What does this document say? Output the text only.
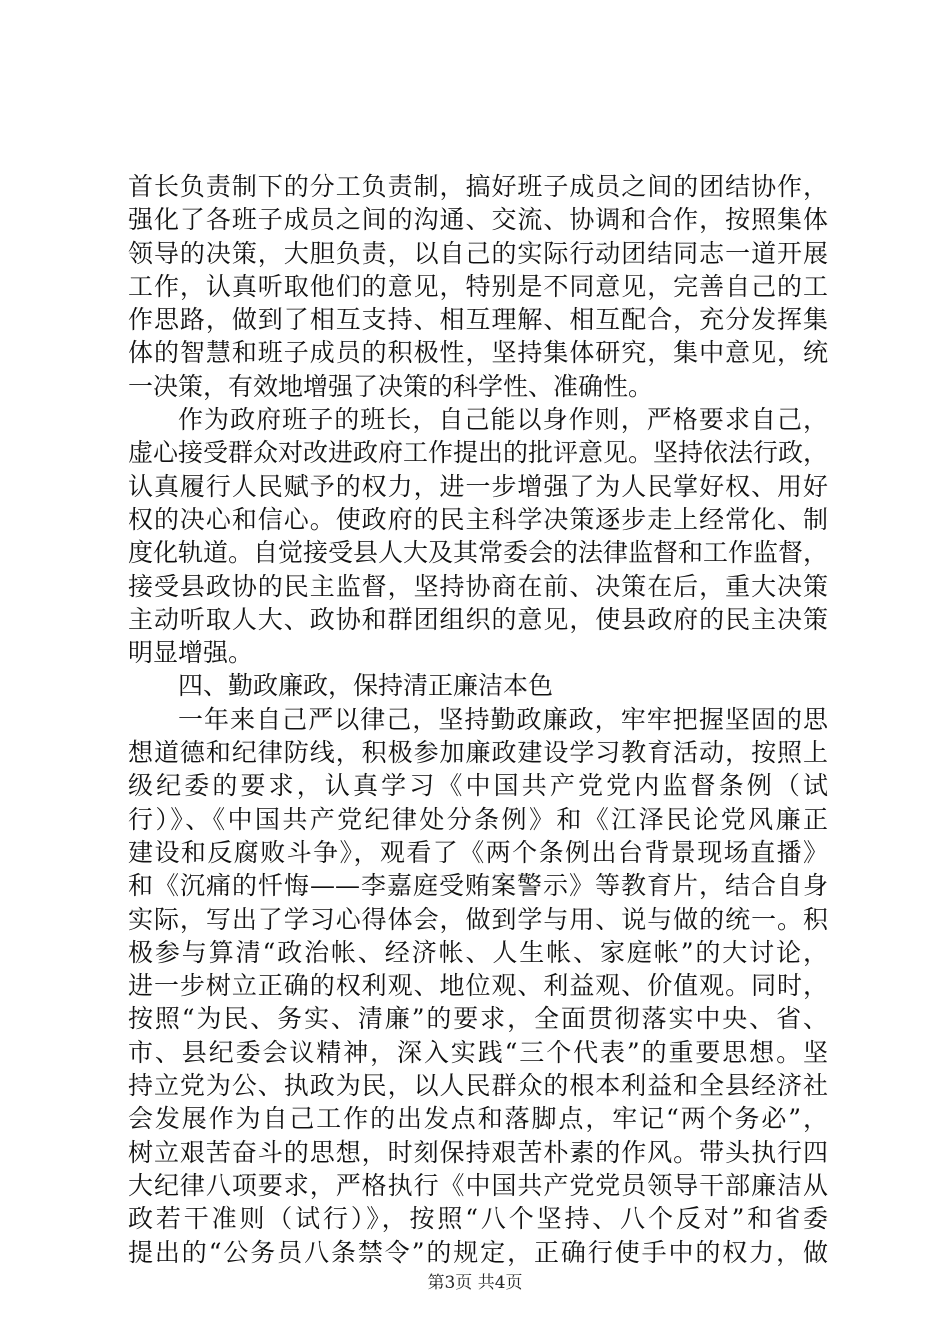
首长负责制下的分工负责制，搞好班子成员之间的团结协作，
强化了各班子成员之间的沟通、交流、协调和合作，按照集体
领导的决策，大胆负责，以自己的实际行动团结同志一道开展
工作，认真听取他们的意见，特别是不同意见，完善自己的工
作思路，做到了相互支持、相互理解、相互配合，充分发挥集
体的智慧和班子成员的积极性，坚持集体研究，集中意见，统
一决策，有效地增强了决策的科学性、准确性。
作为政府班子的班长，自己能以身作则，严格要求自己，
虚心接受群众对改进政府工作提出的批评意见。坚持依法行政，
认真履行人民赋予的权力，进一步增强了为人民掌好权、用好
权的决心和信心。使政府的民主科学决策逐步走上经常化、制
度化轨道。自觉接受县人大及其常委会的法律监督和工作监督，
接受县政协的民主监督，坚持协商在前、决策在后，重大决策
主动听取人大、政协和群团组织的意见，使县政府的民主决策
明显增强。
四、勤政廉政，保持清正廉洁本色
一年来自己严以律己，坚持勤政廉政，牢牢把握坚固的思
想道德和纪律防线，积极参加廉政建设学习教育活动，按照上
级纪委的要求，认真学习《中国共产党党内监督条例（试
行）》、《中国共产党纪律处分条例》和《江泽民论党风廉正
建设和反腐败斗争》，观看了《两个条例出台背景现场直播》
和《沉痛的忏悔——李嘉庭受贿案警示》等教育片，结合自身
实际，写出了学习心得体会，做到学与用、说与做的统一。积
极参与算清“政治帐、经济帐、人生帐、家庭帐”的大讨论，
进一步树立正确的权利观、地位观、利益观、价值观。同时，
按照“为民、务实、清廉”的要求，全面贯彻落实中央、省、
市、县纪委会议精神，深入实践“三个代表”的重要思想。坚
持立党为公、执政为民，以人民群众的根本利益和全县经济社
会发展作为自己工作的出发点和落脚点，牢记“两个务必”，
树立艰苦奋斗的思想，时刻保持艰苦朴素的作风。带头执行四
大纪律八项要求，严格执行《中国共产党党员领导干部廉洁从
政若干准则（试行）》，按照“八个坚持、八个反对”和省委
提出的“公务员八条禁令”的规定，正确行使手中的权力，做
第3页 共4页
